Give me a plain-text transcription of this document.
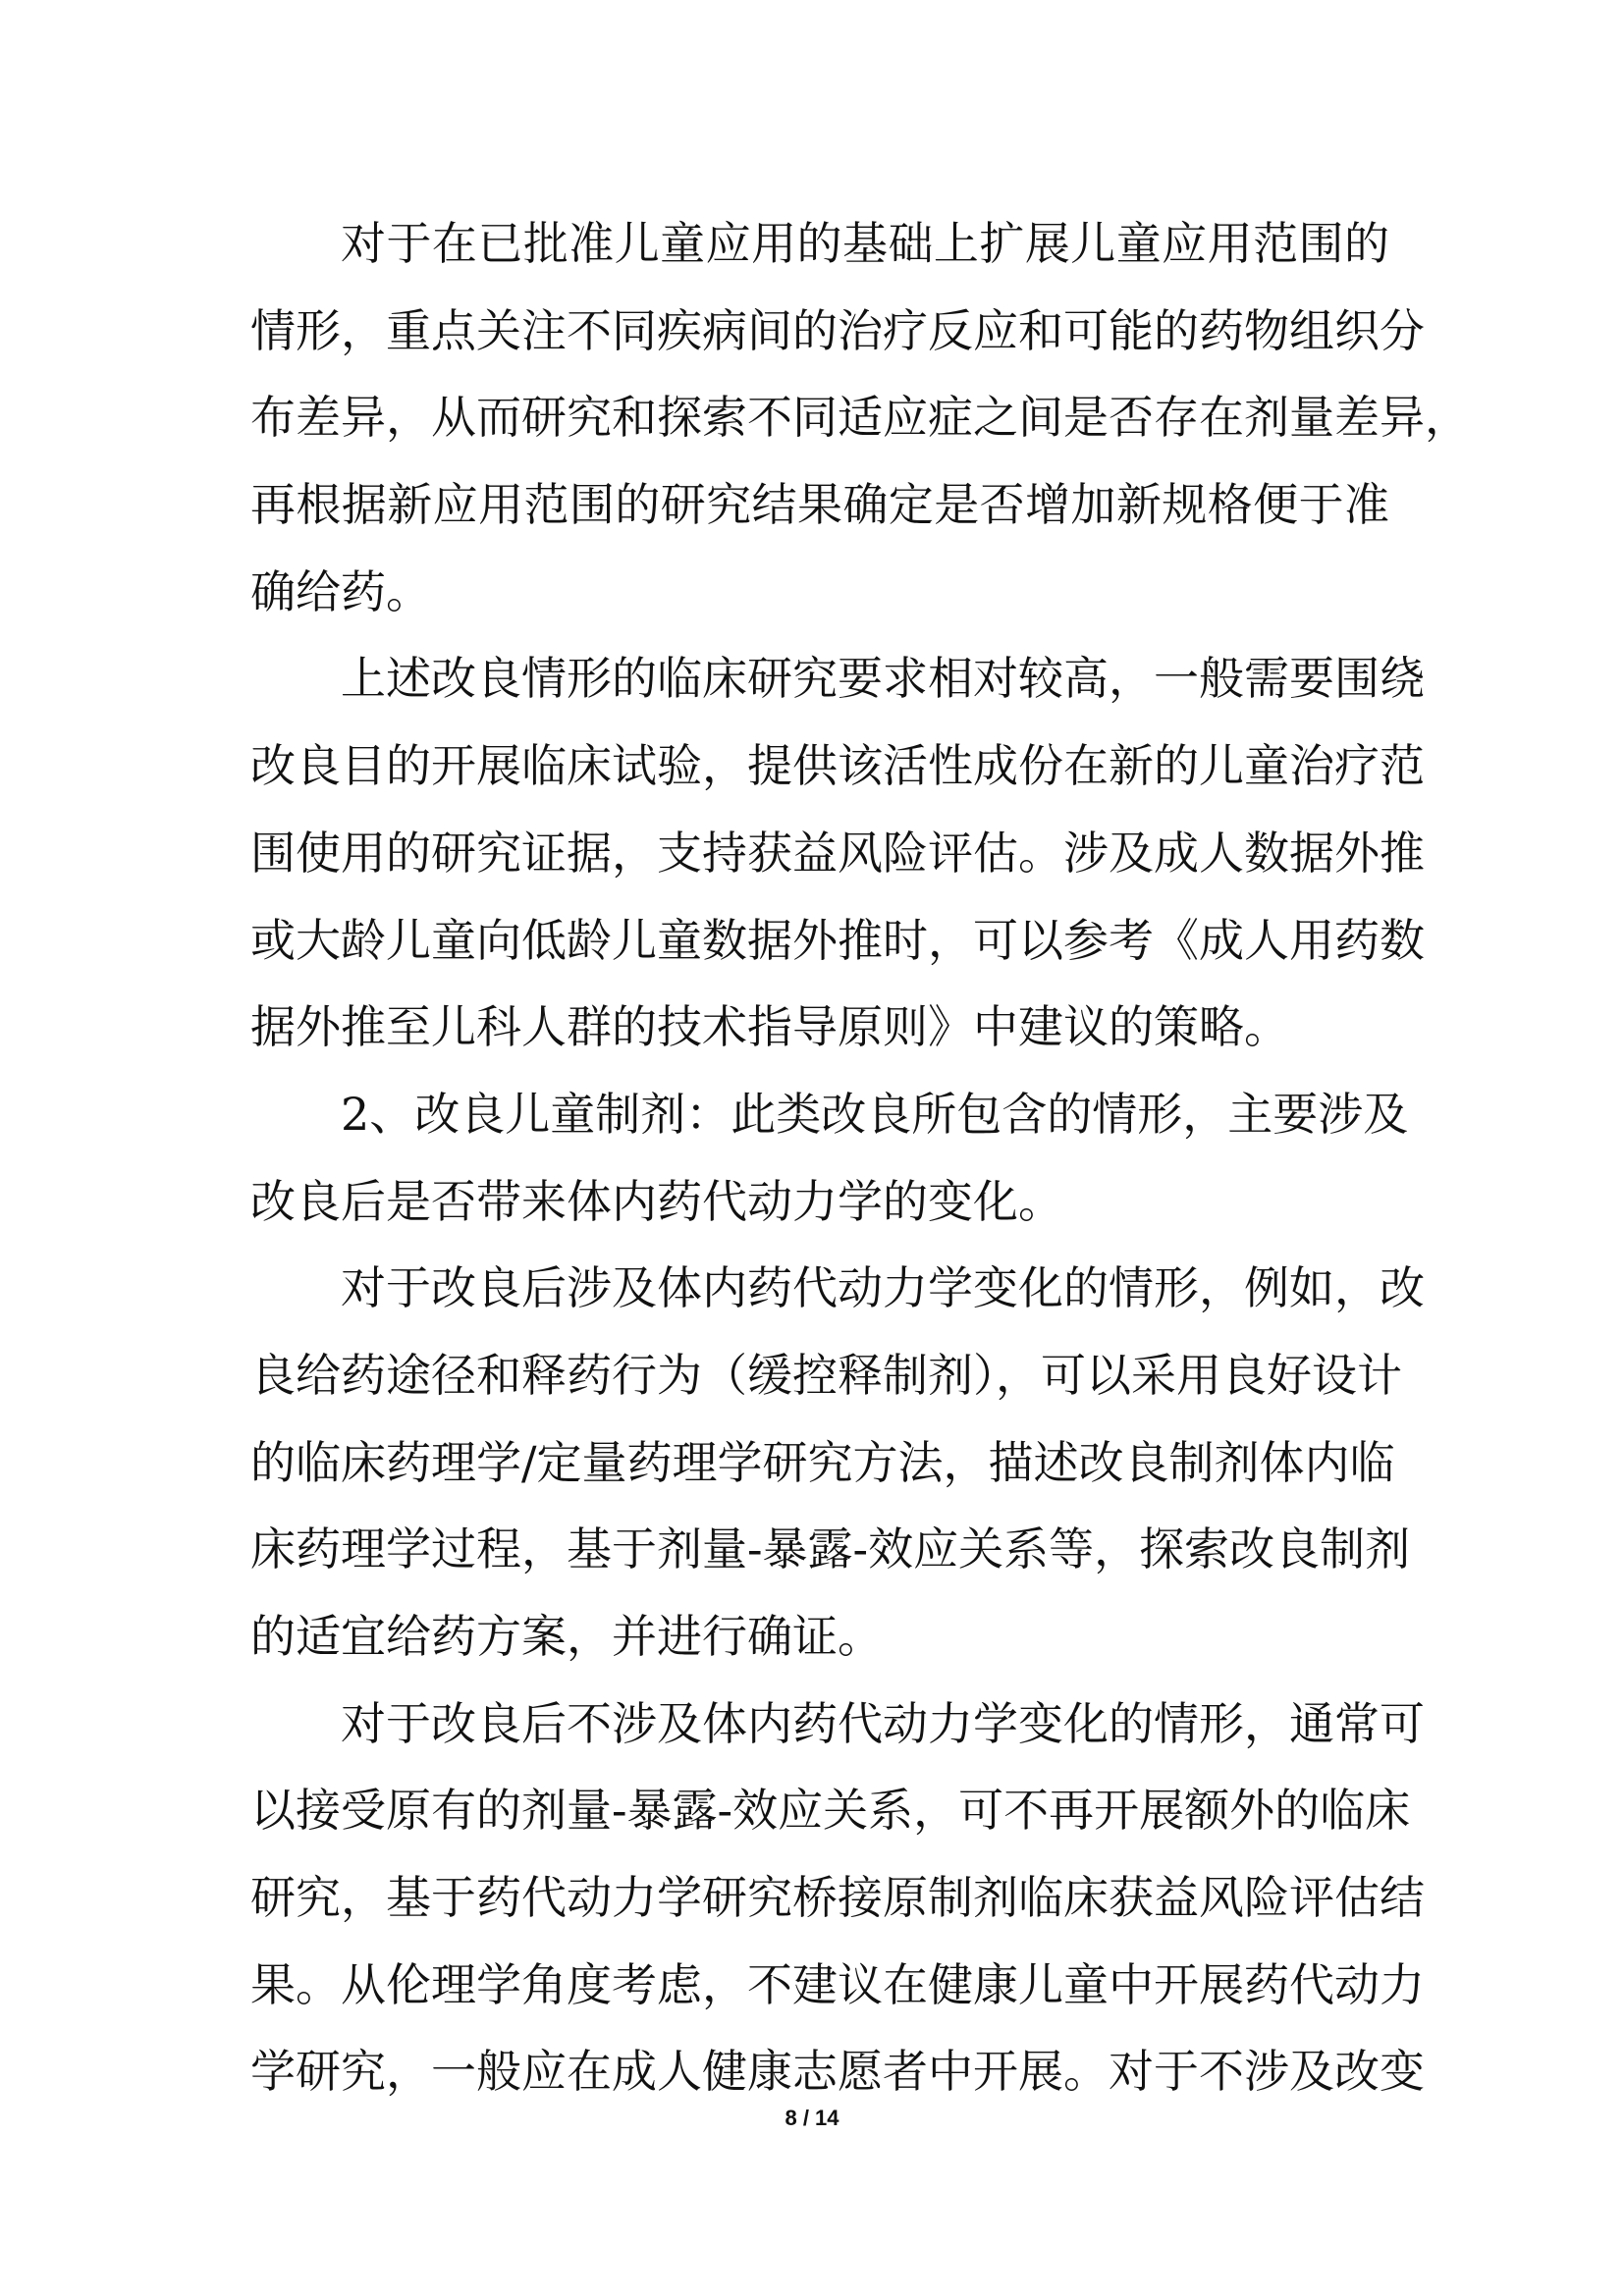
对于在已批准儿童应用的基础上扩展儿童应用范围的
情形，重点关注不同疾病间的治疗反应和可能的药物组织分
布差异，从而研究和探索不同适应症之间是否存在剂量差异，
再根据新应用范围的研究结果确定是否增加新规格便于准
确给药。
上述改良情形的临床研究要求相对较高，一般需要围绕
改良目的开展临床试验，提供该活性成份在新的儿童治疗范
围使用的研究证据，支持获益风险评估。涉及成人数据外推
或大龄儿童向低龄儿童数据外推时，可以参考《成人用药数
据外推至儿科人群的技术指导原则》中建议的策略。
2、改良儿童制剂：此类改良所包含的情形，主要涉及
改良后是否带来体内药代动力学的变化。
对于改良后涉及体内药代动力学变化的情形，例如，改
良给药途径和释药行为（缓控释制剂），可以采用良好设计
的临床药理学/定量药理学研究方法，描述改良制剂体内临
床药理学过程，基于剂量-暴露-效应关系等，探索改良制剂
的适宜给药方案，并进行确证。
对于改良后不涉及体内药代动力学变化的情形，通常可
以接受原有的剂量-暴露-效应关系，可不再开展额外的临床
研究，基于药代动力学研究桥接原制剂临床获益风险评估结
果。从伦理学角度考虑，不建议在健康儿童中开展药代动力
学研究，一般应在成人健康志愿者中开展。对于不涉及改变
8 / 14
